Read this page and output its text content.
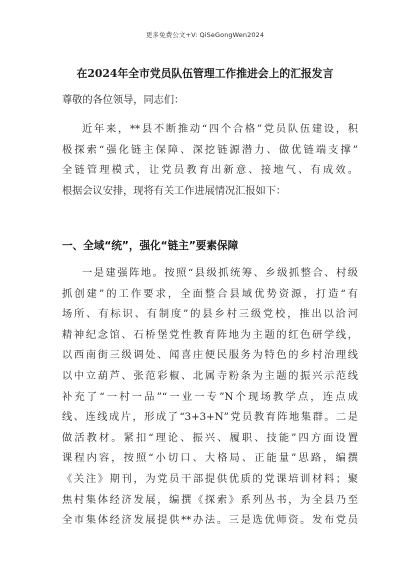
更多免费公文+V: QiSeGongWen2024
在2024年全市党员队伍管理工作推进会上的汇报发言
尊敬的各位领导，同志们：
近年来，**县不断推动“四个合格”党员队伍建设，积
极探索“强化链主保障、深挖链源潜力、做优链端支撑”
全链管理模式，让党员教育出新意、接地气、有成效。
根据会议安排，现将有关工作进展情况汇报如下：
一、全域“统”，强化“链主”要素保障
一是建强阵地。按照“县级抓统筹、乡级抓整合、村级
抓创建”的工作要求，全面整合县域优势资源，打造“有
场所、有标识、有制度”的县乡村三级党校，推出以洽河
精神纪念馆、石桥堡党性教育阵地为主题的红色研学线，
以西南街三级调处、闻喜庄便民服务为特色的乡村治理线
以中立葫芦、张范彩椒、北属寺粉条为主题的振兴示范线
补充了“一村一品”“一业一专”N个现场教学点，连点成
线、连线成片，形成了“3+3+N”党员教育阵地集群。二是
做活教材。紧扣“理论、振兴、履职、技能”四方面设置
课程内容，按照“小切口、大格局、正能量”思路，编撰
《关注》期刊，为党员干部提供优质的党课培训材料；聚
焦村集体经济发展，编撰《探索》系列丛书，为全县乃至
全市集体经济发展提供**办法。三是选优师资。发布党员
